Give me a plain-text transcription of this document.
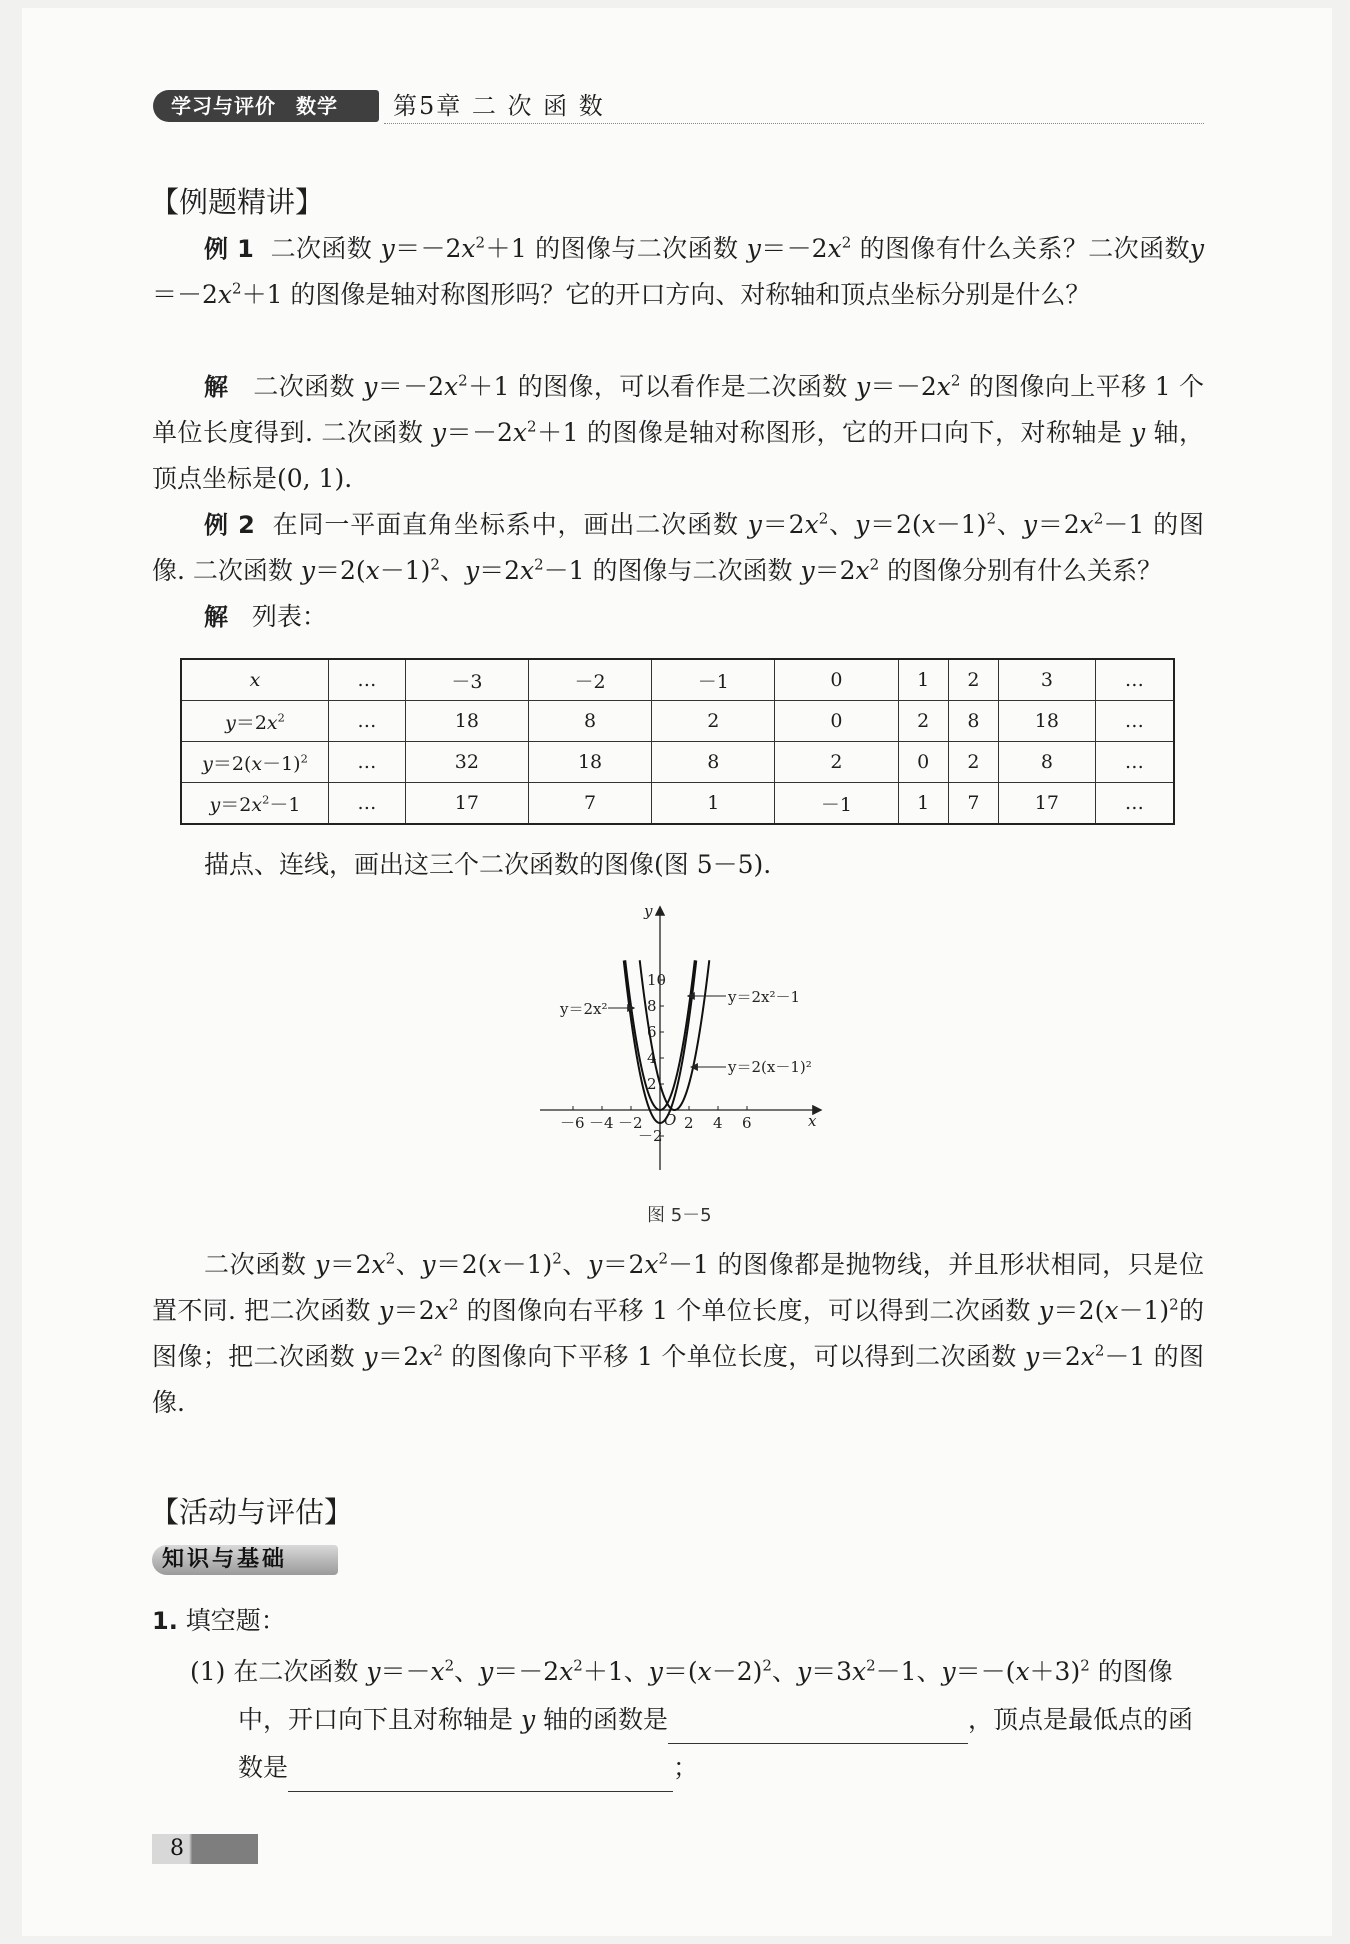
学习与评价 数学	第5章 二 次 函 数
【例题精讲】
例 1 二次函数 $y=-2x^2+1$ 的图像与二次函数 $y=-2x^2$ 的图像有什么关系？二次函数$y=-2x^2+1$ 的图像是轴对称图形吗？它的开口方向、对称轴和顶点坐标分别是什么？
解 二次函数 $y=-2x^2+1$ 的图像，可以看作是二次函数 $y=-2x^2$ 的图像向上平移 1 个单位长度得到. 二次函数 $y=-2x^2+1$ 的图像是轴对称图形，它的开口向下，对称轴是 y 轴，顶点坐标是(0, 1).
例 2 在同一平面直角坐标系中，画出二次函数 $y=2x^2$、$y=2(x-1)^2$、$y=2x^2-1$ 的图像. 二次函数 $y=2(x-1)^2$、$y=2x^2-1$ 的图像与二次函数 $y=2x^2$ 的图像分别有什么关系？
解 列表：
x	…	－3	－2	－1	0	1	2	3	…
$y=2x^2$	…	18	8	2	0	2	8	18	…
$y=2(x-1)^2$	…	32	18	8	2	0	2	8	…
$y=2x^2-1$	…	17	7	1	－1	1	7	17	…
描点、连线，画出这三个二次函数的图像(图 5－5).
x
y
O
－6 －4 －2	2 4 6
10
8
6
4
2
－2
y＝2x²
y＝2x²－1
y＝2(x－1)²
图 5－5
二次函数 $y=2x^2$、$y=2(x-1)^2$、$y=2x^2-1$ 的图像都是抛物线，并且形状相同，只是位置不同. 把二次函数 $y=2x^2$ 的图像向右平移 1 个单位长度，可以得到二次函数 $y=2(x-1)^2$的图像；把二次函数 $y=2x^2$ 的图像向下平移 1 个单位长度，可以得到二次函数 $y=2x^2-1$ 的图像.
【活动与评估】
知识与基础
1. 填空题：
(1) 在二次函数 $y=-x^2$、$y=-2x^2+1$、$y=(x-2)^2$、$y=3x^2-1$、$y=-(x+3)^2$ 的图像中，开口向下且对称轴是 y 轴的函数是	，顶点是最低点的函数是	；
8
